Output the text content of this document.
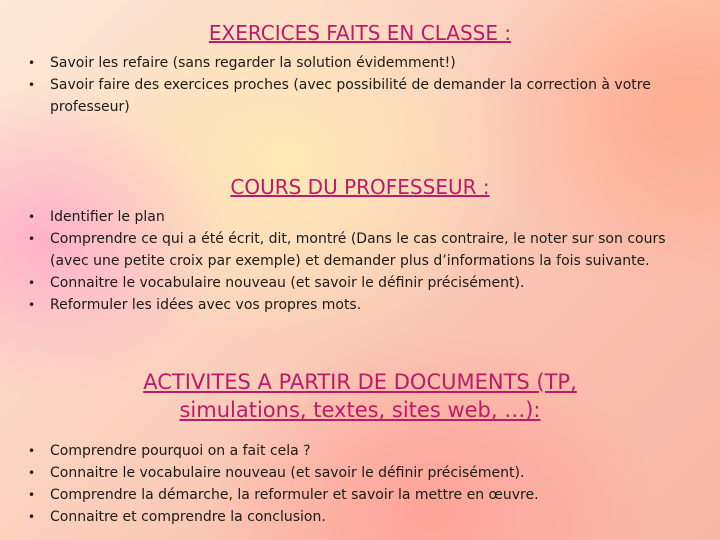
EXERCICES FAITS EN CLASSE :
• Savoir les refaire (sans regarder la solution évidemment!)
• Savoir faire des exercices proches (avec possibilité de demander la correction à votre professeur)
COURS DU PROFESSEUR :
• Identifier le plan
• Comprendre ce qui a été écrit, dit, montré (Dans le cas contraire, le noter sur son cours (avec une petite croix par exemple) et demander plus d’informations la fois suivante.
• Connaitre le vocabulaire nouveau (et savoir le définir précisément).
• Reformuler les idées avec vos propres mots.
ACTIVITES A PARTIR DE DOCUMENTS (TP,
simulations, textes, sites web, …):
• Comprendre pourquoi on a fait cela ?
• Connaitre le vocabulaire nouveau (et savoir le définir précisément).
• Comprendre la démarche, la reformuler et savoir la mettre en œuvre.
• Connaitre et comprendre la conclusion.
